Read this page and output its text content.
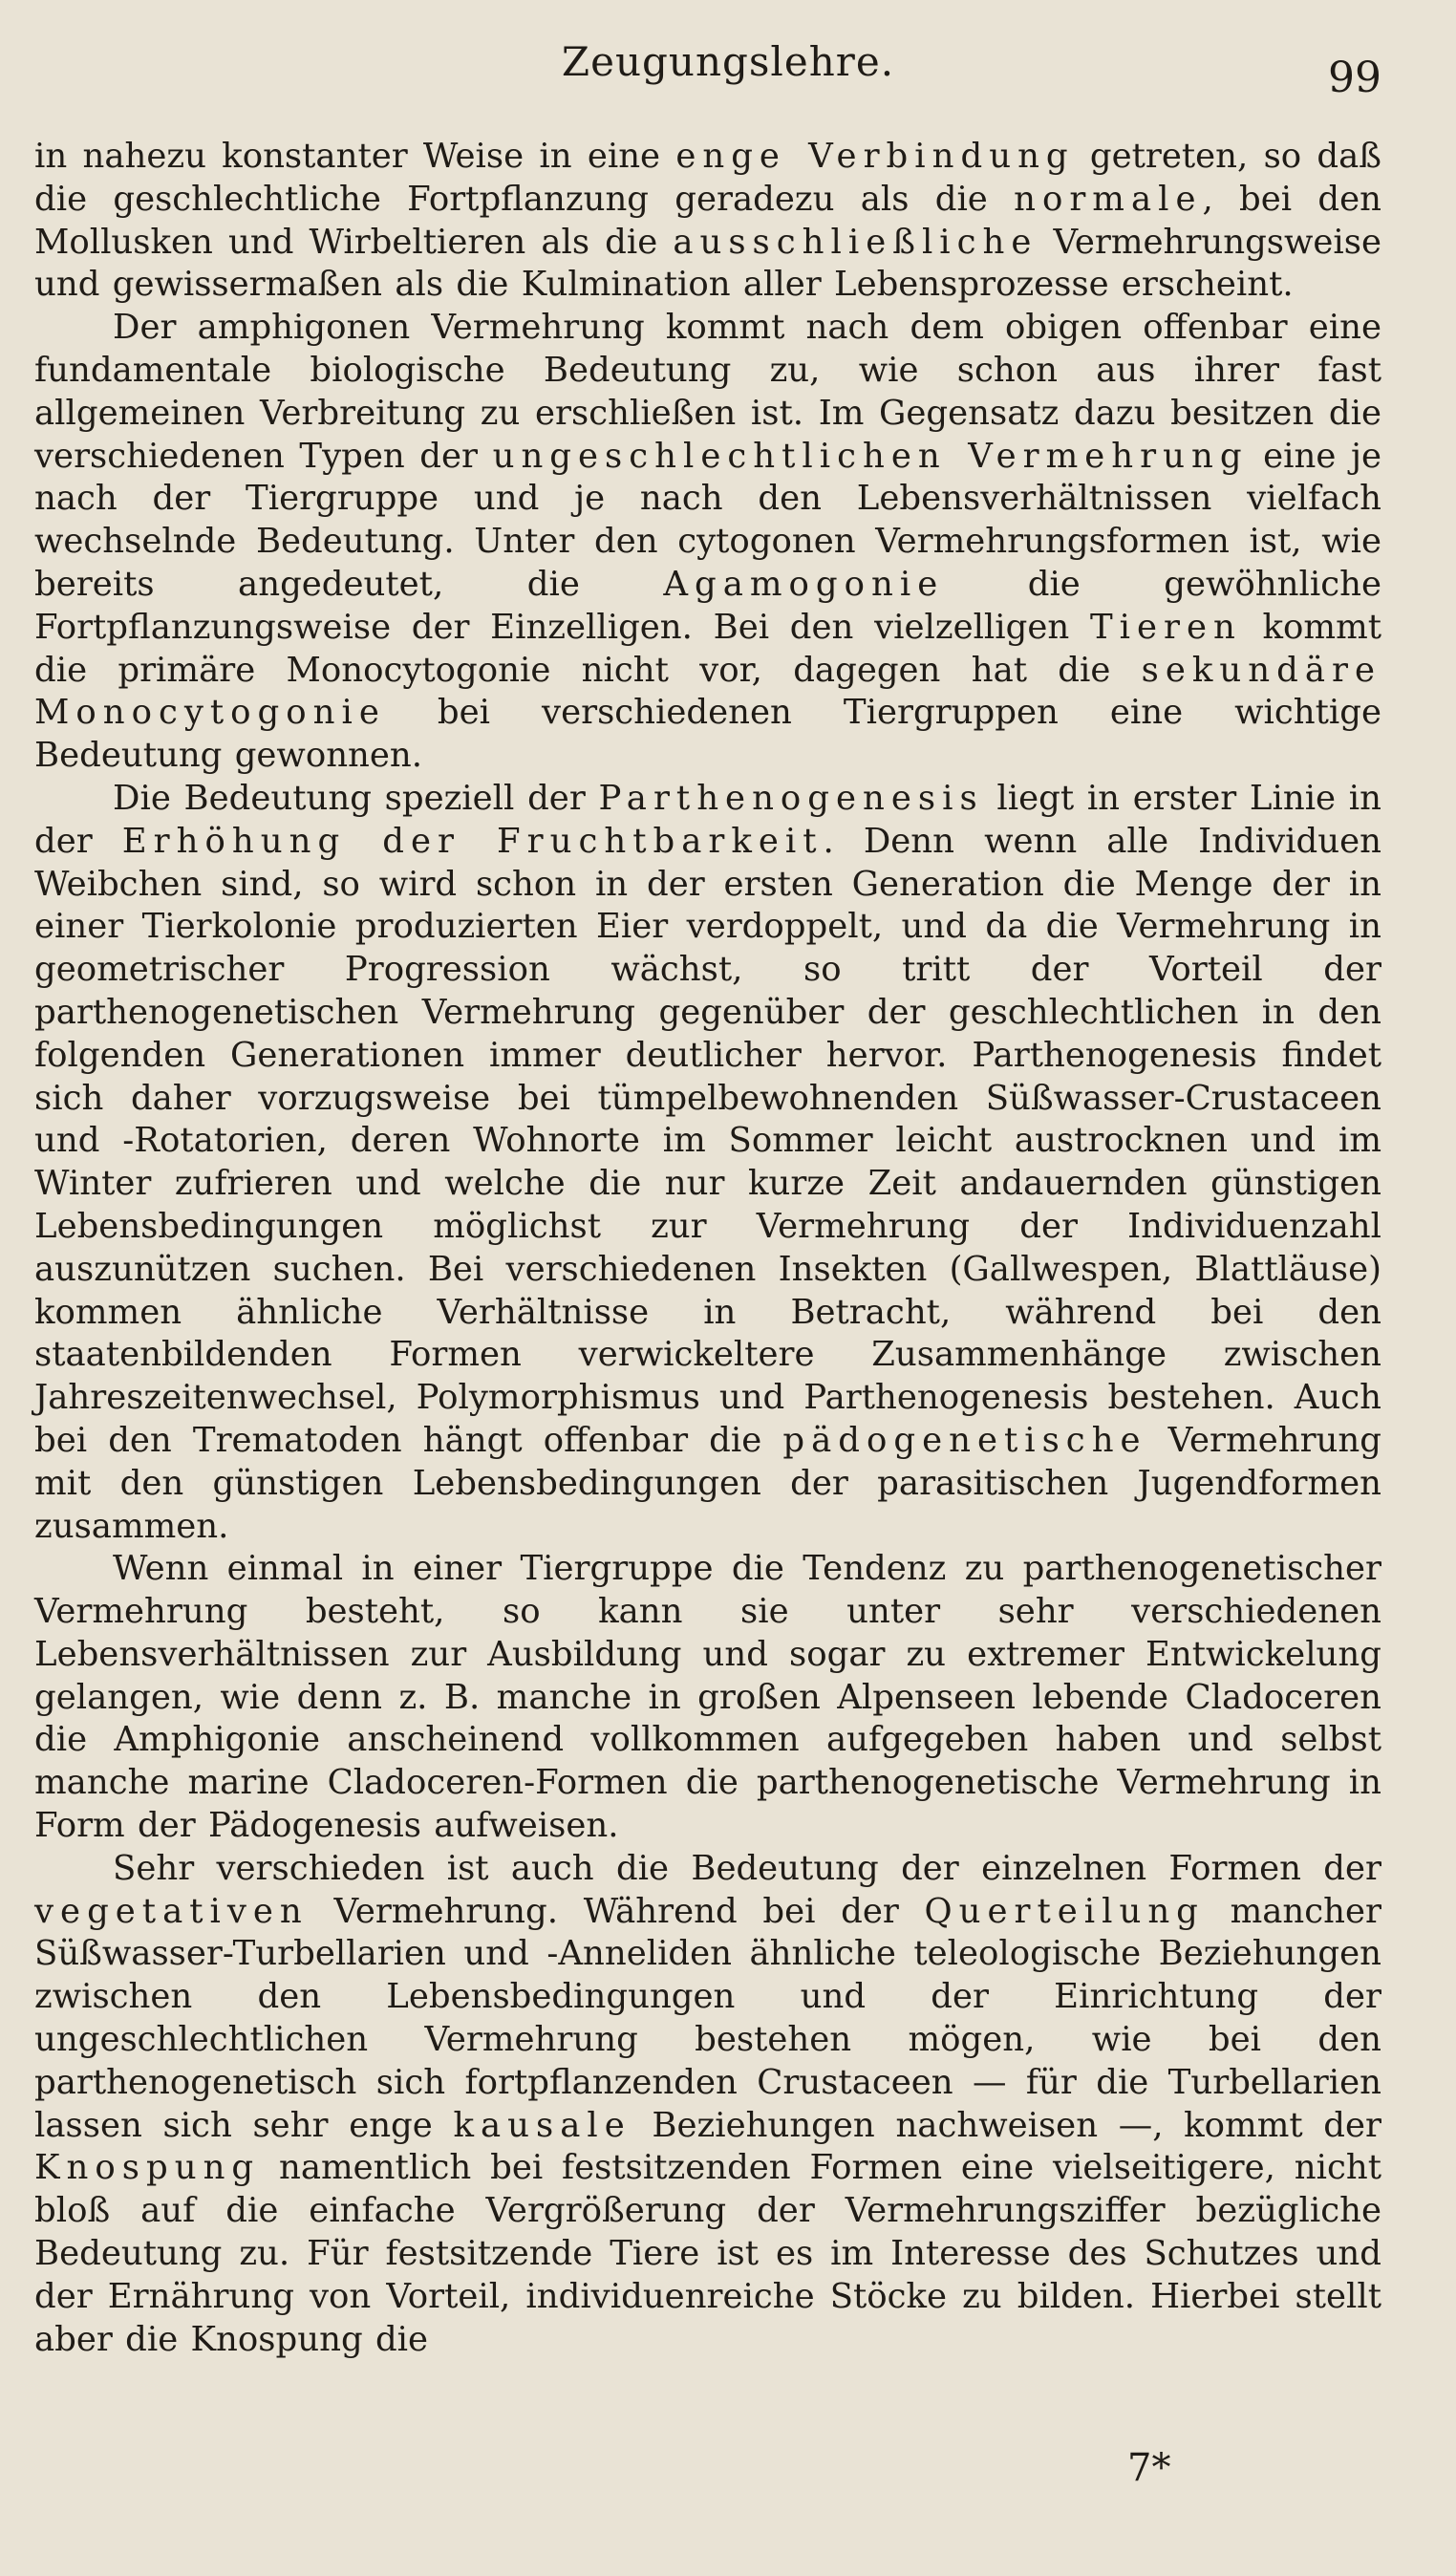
Zeugungslehre.	99

in nahezu konstanter Weise in eine enge Verbindung getreten, so daß die geschlechtliche Fortpflanzung geradezu als die normale, bei den Mollusken und Wirbeltieren als die ausschließliche Vermehrungsweise und gewissermaßen als die Kulmination aller Lebensprozesse erscheint.

Der amphigonen Vermehrung kommt nach dem obigen offenbar eine fundamentale biologische Bedeutung zu, wie schon aus ihrer fast allgemeinen Verbreitung zu erschließen ist. Im Gegensatz dazu besitzen die verschiedenen Typen der ungeschlechtlichen Vermehrung eine je nach der Tiergruppe und je nach den Lebensverhältnissen vielfach wechselnde Bedeutung. Unter den cytogonen Vermehrungsformen ist, wie bereits angedeutet, die Agamogonie die gewöhnliche Fortpflanzungsweise der Einzelligen. Bei den vielzelligen Tieren kommt die primäre Monocytogonie nicht vor, dagegen hat die sekundäre Monocytogonie bei verschiedenen Tiergruppen eine wichtige Bedeutung gewonnen.

Die Bedeutung speziell der Parthenogenesis liegt in erster Linie in der Erhöhung der Fruchtbarkeit. Denn wenn alle Individuen Weibchen sind, so wird schon in der ersten Generation die Menge der in einer Tierkolonie produzierten Eier verdoppelt, und da die Vermehrung in geometrischer Progression wächst, so tritt der Vorteil der parthenogenetischen Vermehrung gegenüber der geschlechtlichen in den folgenden Generationen immer deutlicher hervor. Parthenogenesis findet sich daher vorzugsweise bei tümpelbewohnenden Süßwasser-Crustaceen und -Rotatorien, deren Wohnorte im Sommer leicht austrocknen und im Winter zufrieren und welche die nur kurze Zeit andauernden günstigen Lebensbedingungen möglichst zur Vermehrung der Individuenzahl auszunützen suchen. Bei verschiedenen Insekten (Gallwespen, Blattläuse) kommen ähnliche Verhältnisse in Betracht, während bei den staatenbildenden Formen verwickeltere Zusammenhänge zwischen Jahreszeitenwechsel, Polymorphismus und Parthenogenesis bestehen. Auch bei den Trematoden hängt offenbar die pädogenetische Vermehrung mit den günstigen Lebensbedingungen der parasitischen Jugendformen zusammen.

Wenn einmal in einer Tiergruppe die Tendenz zu parthenogenetischer Vermehrung besteht, so kann sie unter sehr verschiedenen Lebensverhältnissen zur Ausbildung und sogar zu extremer Entwickelung gelangen, wie denn z. B. manche in großen Alpenseen lebende Cladoceren die Amphigonie anscheinend vollkommen aufgegeben haben und selbst manche marine Cladoceren-Formen die parthenogenetische Vermehrung in Form der Pädogenesis aufweisen.

Sehr verschieden ist auch die Bedeutung der einzelnen Formen der vegetativen Vermehrung. Während bei der Querteilung mancher Süßwasser-Turbellarien und -Anneliden ähnliche teleologische Beziehungen zwischen den Lebensbedingungen und der Einrichtung der ungeschlechtlichen Vermehrung bestehen mögen, wie bei den parthenogenetisch sich fortpflanzenden Crustaceen — für die Turbellarien lassen sich sehr enge kausale Beziehungen nachweisen —, kommt der Knospung namentlich bei festsitzenden Formen eine vielseitigere, nicht bloß auf die einfache Vergrößerung der Vermehrungsziffer bezügliche Bedeutung zu. Für festsitzende Tiere ist es im Interesse des Schutzes und der Ernährung von Vorteil, individuenreiche Stöcke zu bilden. Hierbei stellt aber die Knospung die

7*
